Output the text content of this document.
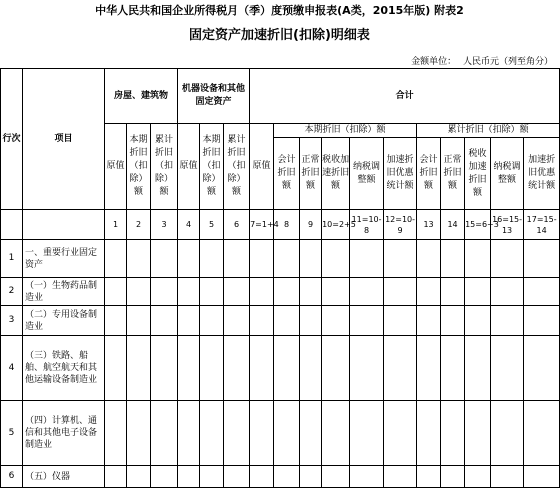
中华人民共和国企业所得税月（季）度预缴申报表(A类，2015年版) 附表2
固定资产加速折旧(扣除)明细表
金额单位： 人民币元（列至角分）
行次	项目	房屋、建筑物			机器设备和其他固定资产			合计										
		原值	本期折旧（扣除）额	累计折旧（扣除）额	原值	本期折旧（扣除）额	累计折旧（扣除）额	原值	本期折旧（扣除）额					累计折旧（扣除）额				
									会计折旧额	正常折旧额	税收加速折旧额	纳税调整额	加速折旧优惠统计额	会计折旧额	正常折旧额	税收加速折旧额	纳税调整额	加速折旧优惠统计额
		1	2	3	4	5	6	7=1+4	8	9	10=2+5	11=10-8	12=10-9	13	14	15=6+3	16=15-13	17=15-14
1	一、重要行业固定资产																	
2	（一）生物药品制造业																	
3	（二）专用设备制造业																	
4	（三）铁路、船舶、航空航天和其他运输设备制造业																	
5	（四）计算机、通信和其他电子设备制造业																	
6	（五）仪器																	
